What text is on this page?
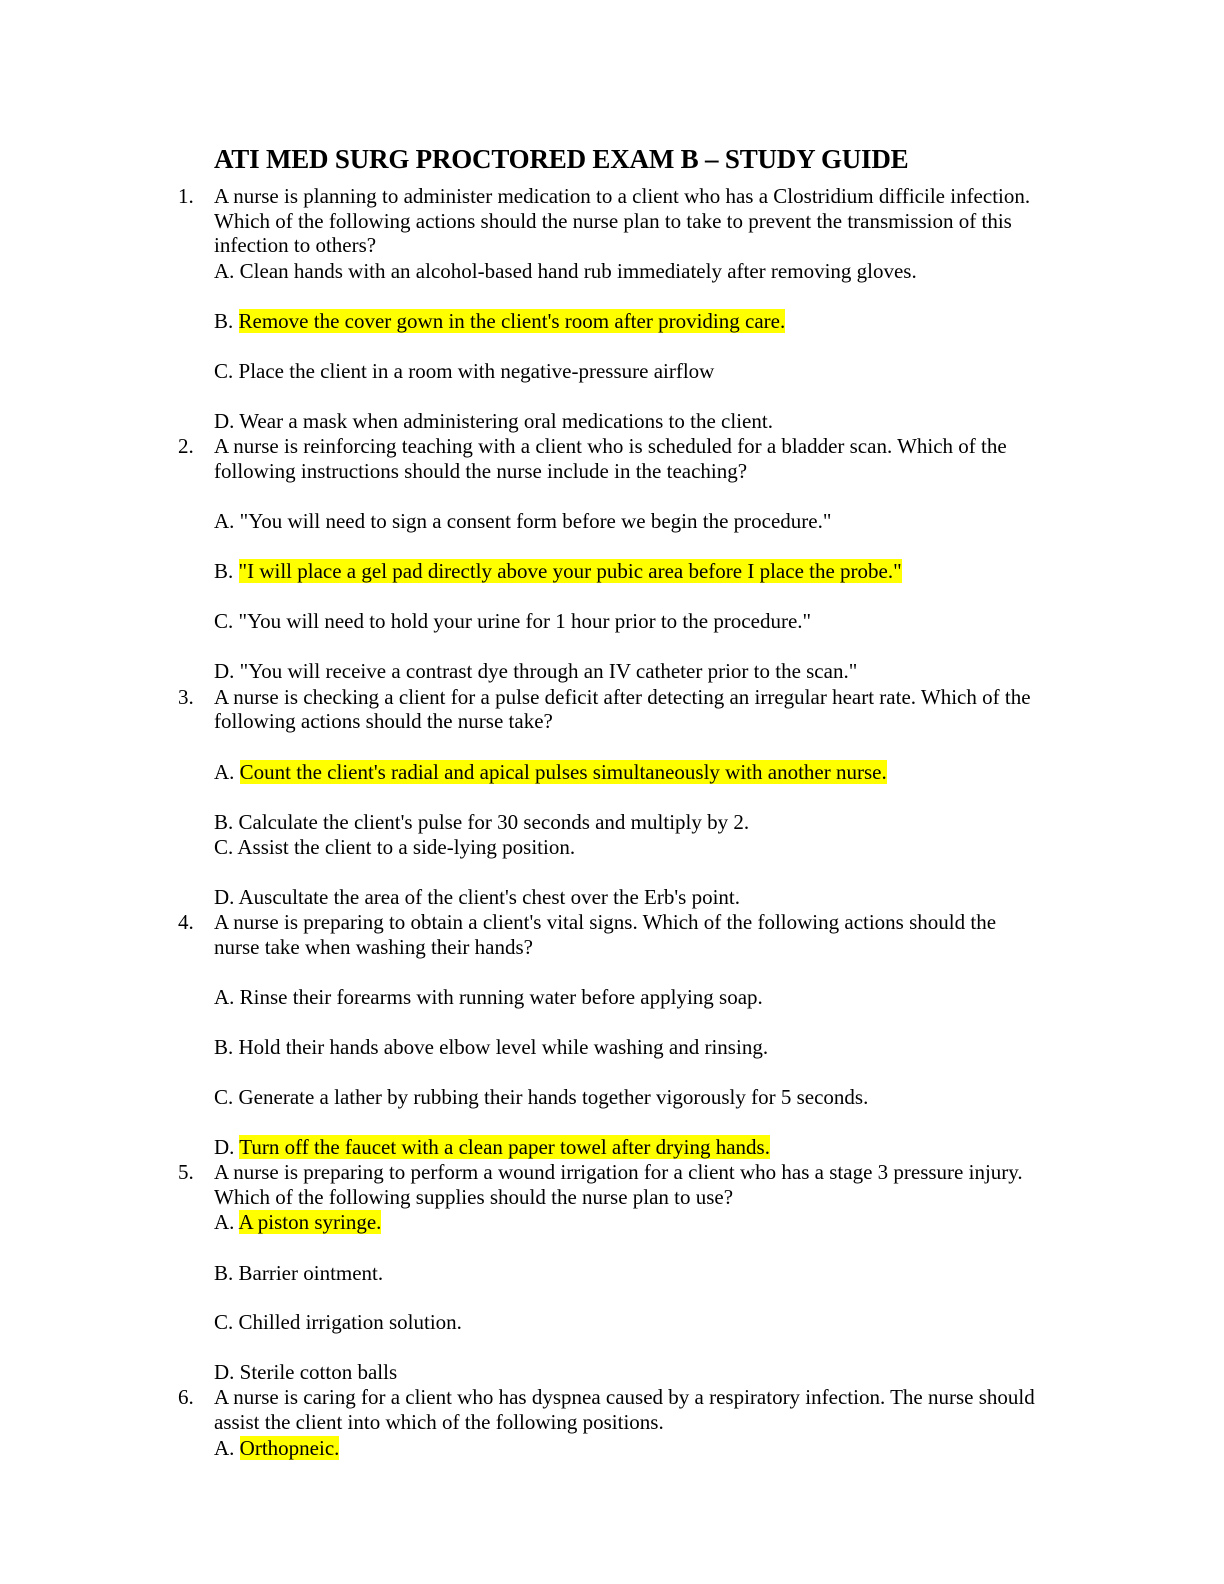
ATI MED SURG PROCTORED EXAM B – STUDY GUIDE
1. A nurse is planning to administer medication to a client who has a Clostridium difficile infection.
Which of the following actions should the nurse plan to take to prevent the transmission of this
infection to others?
A. Clean hands with an alcohol-based hand rub immediately after removing gloves.
B. Remove the cover gown in the client's room after providing care.
C. Place the client in a room with negative-pressure airflow
D. Wear a mask when administering oral medications to the client.
2. A nurse is reinforcing teaching with a client who is scheduled for a bladder scan. Which of the
following instructions should the nurse include in the teaching?
A. "You will need to sign a consent form before we begin the procedure."
B. "I will place a gel pad directly above your pubic area before I place the probe."
C. "You will need to hold your urine for 1 hour prior to the procedure."
D. "You will receive a contrast dye through an IV catheter prior to the scan."
3. A nurse is checking a client for a pulse deficit after detecting an irregular heart rate. Which of the
following actions should the nurse take?
A. Count the client's radial and apical pulses simultaneously with another nurse.
B. Calculate the client's pulse for 30 seconds and multiply by 2.
C. Assist the client to a side-lying position.
D. Auscultate the area of the client's chest over the Erb's point.
4. A nurse is preparing to obtain a client's vital signs. Which of the following actions should the
nurse take when washing their hands?
A. Rinse their forearms with running water before applying soap.
B. Hold their hands above elbow level while washing and rinsing.
C. Generate a lather by rubbing their hands together vigorously for 5 seconds.
D. Turn off the faucet with a clean paper towel after drying hands.
5. A nurse is preparing to perform a wound irrigation for a client who has a stage 3 pressure injury.
Which of the following supplies should the nurse plan to use?
A. A piston syringe.
B. Barrier ointment.
C. Chilled irrigation solution.
D. Sterile cotton balls
6. A nurse is caring for a client who has dyspnea caused by a respiratory infection. The nurse should
assist the client into which of the following positions.
A. Orthopneic.
